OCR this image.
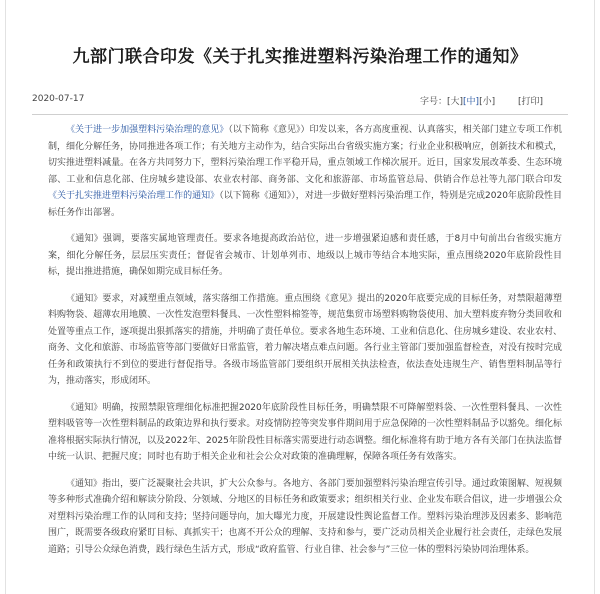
九部门联合印发《关于扎实推进塑料污染治理工作的通知》
2020-07-17	字号：[大][中][小]	[打印]

《关于进一步加强塑料污染治理的意见》（以下简称《意见》）印发以来，各方高度重视、认真落实，相关部门建立专项工作机制，细化分解任务，协同推进各项工作；有关地方主动作为，结合实际出台省级实施方案；行业企业积极响应，创新技术和模式，切实推进塑料减量。在各方共同努力下，塑料污染治理工作平稳开局，重点领域工作梯次展开。近日，国家发展改革委、生态环境部、工业和信息化部、住房城乡建设部、农业农村部、商务部、文化和旅游部、市场监管总局、供销合作总社等九部门联合印发《关于扎实推进塑料污染治理工作的通知》（以下简称《通知》），对进一步做好塑料污染治理工作，特别是完成2020年底阶段性目标任务作出部署。

《通知》强调，要落实属地管理责任。要求各地提高政治站位，进一步增强紧迫感和责任感，于8月中旬前出台省级实施方案，细化分解任务，层层压实责任；督促省会城市、计划单列市、地级以上城市等结合本地实际，重点围绕2020年底阶段性目标，提出推进措施，确保如期完成目标任务。

《通知》要求，对减塑重点领域，落实落细工作措施。重点围绕《意见》提出的2020年底要完成的目标任务，对禁限超薄塑料购物袋、超薄农用地膜、一次性发泡塑料餐具、一次性塑料棉签等，规范集贸市场塑料购物袋使用、加大塑料废弃物分类回收和处置等重点工作，逐项提出狠抓落实的措施，并明确了责任单位。要求各地生态环境、工业和信息化、住房城乡建设、农业农村、商务、文化和旅游、市场监管等部门要做好日常监管，着力解决堵点难点问题。各行业主管部门要加强监督检查，对没有按时完成任务和政策执行不到位的要进行督促指导。各级市场监管部门要组织开展相关执法检查，依法查处违规生产、销售塑料制品等行为，推动落实，形成闭环。

《通知》明确，按照禁限管理细化标准把握2020年底阶段性目标任务，明确禁限不可降解塑料袋、一次性塑料餐具、一次性塑料吸管等一次性塑料制品的政策边界和执行要求。对疫情防控等突发事件期间用于应急保障的一次性塑料制品予以豁免。细化标准将根据实际执行情况，以及2022年、2025年阶段性目标落实需要进行动态调整。细化标准将有助于地方各有关部门在执法监督中统一认识、把握尺度；同时也有助于相关企业和社会公众对政策的准确理解，保障各项任务有效落实。

《通知》指出，要广泛凝聚社会共识，扩大公众参与。各地方、各部门要加强塑料污染治理宣传引导。通过政策图解、短视频等多种形式准确介绍和解读分阶段、分领域、分地区的目标任务和政策要求；组织相关行业、企业发布联合倡议，进一步增强公众对塑料污染治理工作的认同和支持；坚持问题导向，加大曝光力度，开展建设性舆论监督工作。塑料污染治理涉及因素多、影响范围广，既需要各级政府紧盯目标、真抓实干；也离不开公众的理解、支持和参与，要广泛动员相关企业履行社会责任，走绿色发展道路；引导公众绿色消费，践行绿色生活方式，形成“政府监管、行业自律、社会参与”三位一体的塑料污染协同治理体系。
